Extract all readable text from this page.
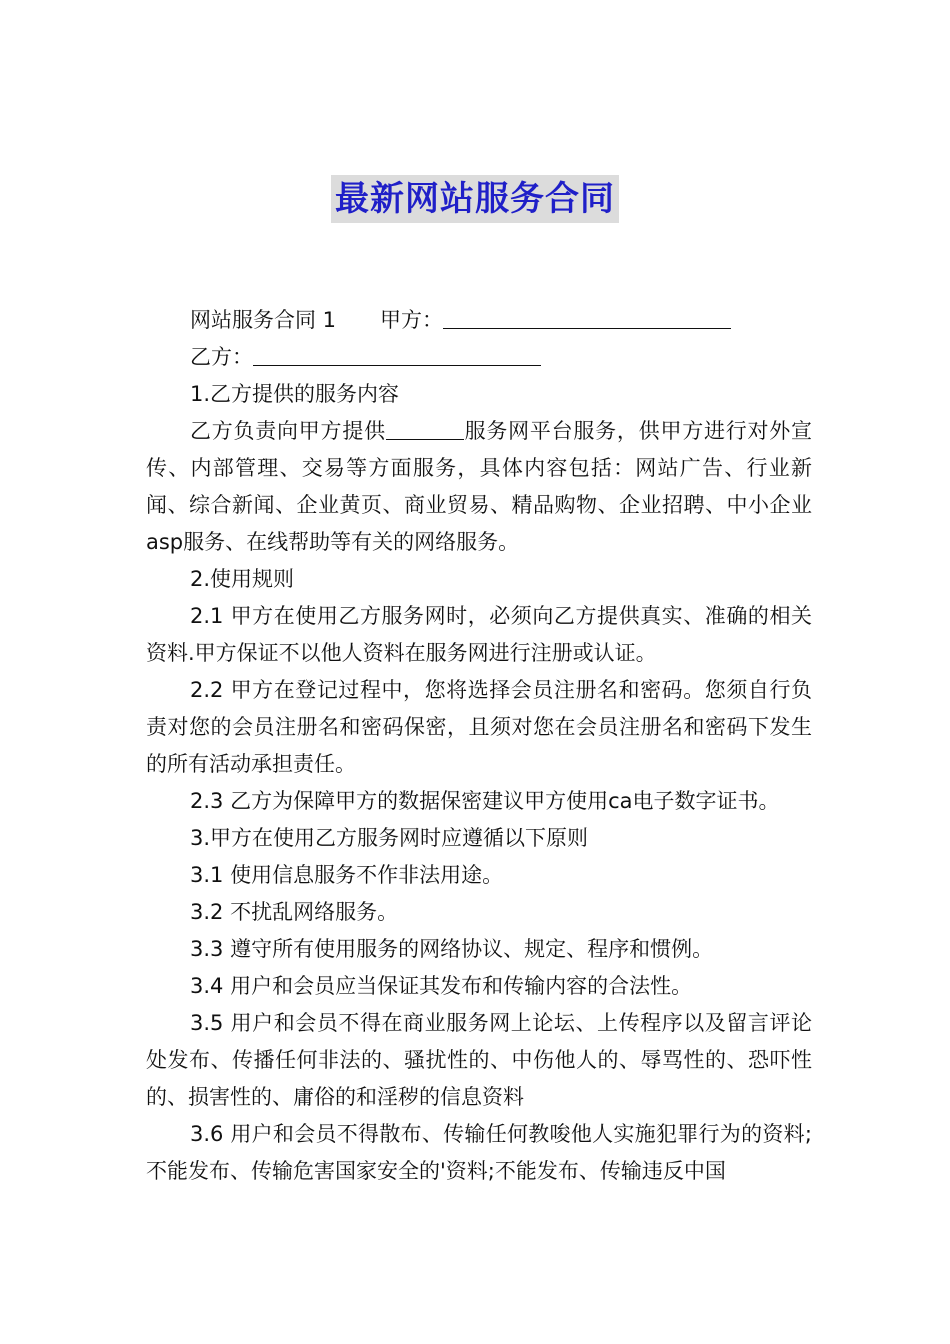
最新网站服务合同

网站服务合同 1 甲方：

乙方：

1.乙方提供的服务内容

乙方负责向甲方提供	服务网平台服务，供甲方进行对外宣传、内部管理、交易等方面服务，具体内容包括：网站广告、行业新闻、综合新闻、企业黄页、商业贸易、精品购物、企业招聘、中小企业asp服务、在线帮助等有关的网络服务。

2.使用规则

2.1 甲方在使用乙方服务网时，必须向乙方提供真实、准确的相关资料.甲方保证不以他人资料在服务网进行注册或认证。

2.2 甲方在登记过程中，您将选择会员注册名和密码。您须自行负责对您的会员注册名和密码保密，且须对您在会员注册名和密码下发生的所有活动承担责任。

2.3 乙方为保障甲方的数据保密建议甲方使用ca电子数字证书。

3.甲方在使用乙方服务网时应遵循以下原则

3.1 使用信息服务不作非法用途。

3.2 不扰乱网络服务。

3.3 遵守所有使用服务的网络协议、规定、程序和惯例。

3.4 用户和会员应当保证其发布和传输内容的合法性。

3.5 用户和会员不得在商业服务网上论坛、上传程序以及留言评论处发布、传播任何非法的、骚扰性的、中伤他人的、辱骂性的、恐吓性的、损害性的、庸俗的和淫秽的信息资料

3.6 用户和会员不得散布、传输任何教唆他人实施犯罪行为的资料;不能发布、传输危害国家安全的'资料;不能发布、传输违反中国
